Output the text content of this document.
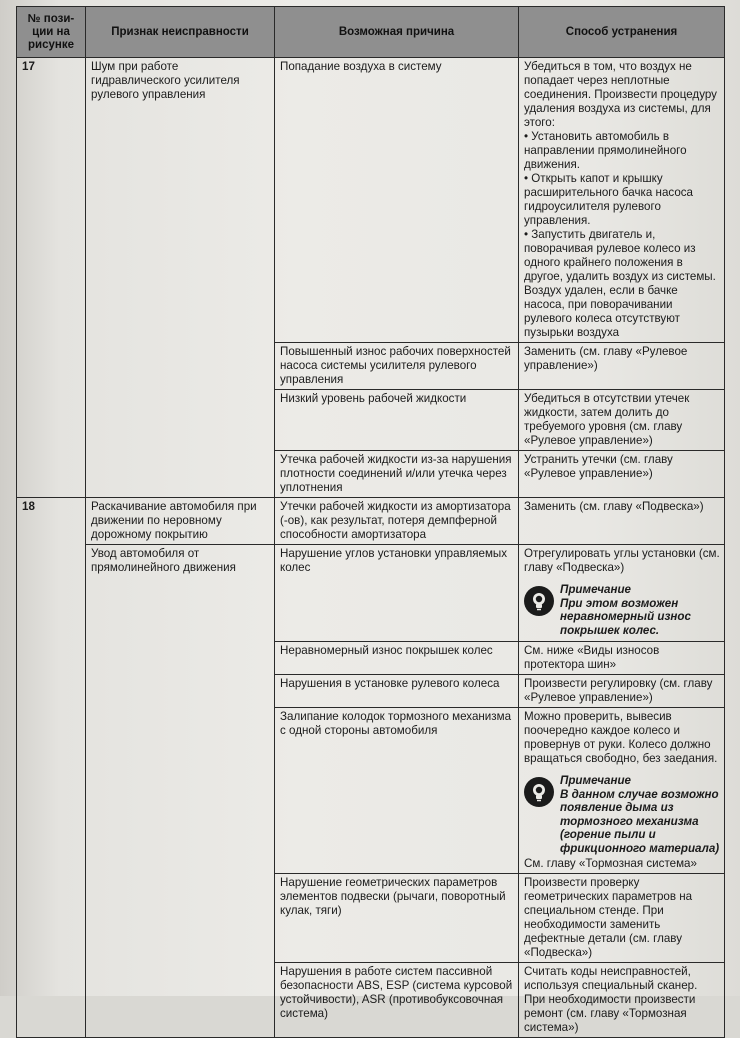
№ пози-ции на рисунке	Признак неисправности	Возможная причина	Способ устранения
17	Шум при работе гидравлического усилителя рулевого управления	Попадание воздуха в систему	Убедиться в том, что воздух не попадает через неплотные соединения. Произвести процедуру удаления воздуха из системы, для этого:
• Установить автомобиль в направлении прямолинейного движения.
• Открыть капот и крышку расширительного бачка насоса гидроусилителя рулевого управления.
• Запустить двигатель и, поворачивая рулевое колесо из одного крайнего положения в другое, удалить воздух из системы. Воздух удален, если в бачке насоса, при поворачивании рулевого колеса отсутствуют пузырьки воздуха

		Повышенный износ рабочих поверхностей насоса системы усилителя рулевого управления	Заменить (см. главу «Рулевое управление»)
		Низкий уровень рабочей жидкости	Убедиться в отсутствии утечек жидкости, затем долить до требуемого уровня (см. главу «Рулевое управление»)
		Утечка рабочей жидкости из-за нарушения плотности соединений и/или утечка через уплотнения	Устранить утечки (см. главу «Рулевое управление»)
18	Раскачивание автомобиля при движении по неровному дорожному покрытию	Утечки рабочей жидкости из амортизатора (-ов), как результат, потеря демпферной способности амортизатора	Заменить (см. главу «Подвеска»)
	Увод автомобиля от прямолинейного движения	Нарушение углов установки управляемых колес	Отрегулировать углы установки (см. главу «Подвеска»)
Примечание
При этом возможен неравномерный износ покрышек колес.

		Неравномерный износ покрышек колес	См. ниже «Виды износов протектора шин»
		Нарушения в установке рулевого колеса	Произвести регулировку (см. главу «Рулевое управление»)
		Залипание колодок тормозного механизма с одной стороны автомобиля	Можно проверить, вывесив поочередно каждое колесо и провернув от руки. Колесо должно вращаться свободно, без заедания.
Примечание
В данном случае возможно появление дыма из тормозного механизма (горение пыли и фрикционного материала)
См. главу «Тормозная система»
		Нарушение геометрических параметров элементов подвески (рычаги, поворотный кулак, тяги)	Произвести проверку геометрических параметров на специальном стенде. При необходимости заменить дефектные детали (см. главу «Подвеска»)
		Нарушения в работе систем пассивной безопасности ABS, ESP (система курсовой устойчивости), ASR (противобуксовочная система)	Считать коды неисправностей, используя специальный сканер. При необходимости произвести ремонт (см. главу «Тормозная система»)
